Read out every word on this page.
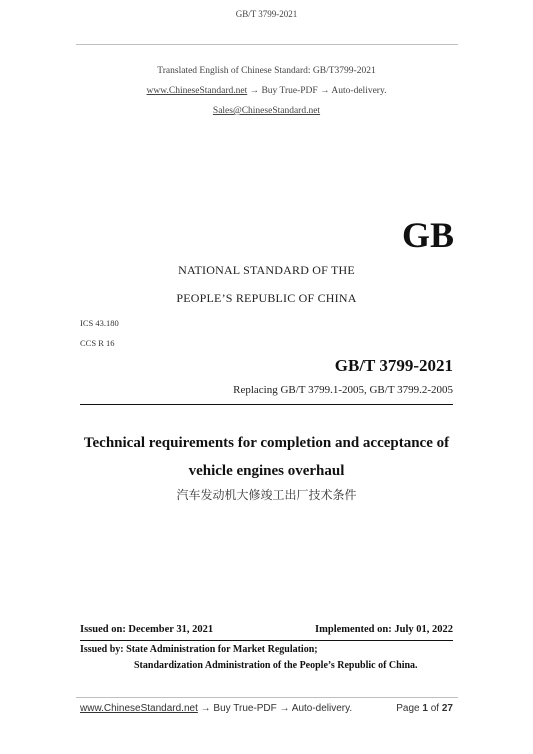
GB/T 3799-2021
Translated English of Chinese Standard: GB/T3799-2021
www.ChineseStandard.net → Buy True-PDF → Auto-delivery.
Sales@ChineseStandard.net
GB
NATIONAL STANDARD OF THE
PEOPLE’S REPUBLIC OF CHINA
ICS 43.180
CCS R 16
GB/T 3799-2021
Replacing GB/T 3799.1-2005, GB/T 3799.2-2005
Technical requirements for completion and acceptance of
vehicle engines overhaul
汽车发动机大修竣工出厂技术条件
Issued on: December 31, 2021	Implemented on: July 01, 2022
Issued by: State Administration for Market Regulation;
Standardization Administration of the People’s Republic of China.
www.ChineseStandard.net → Buy True-PDF → Auto-delivery.	Page 1 of 27
